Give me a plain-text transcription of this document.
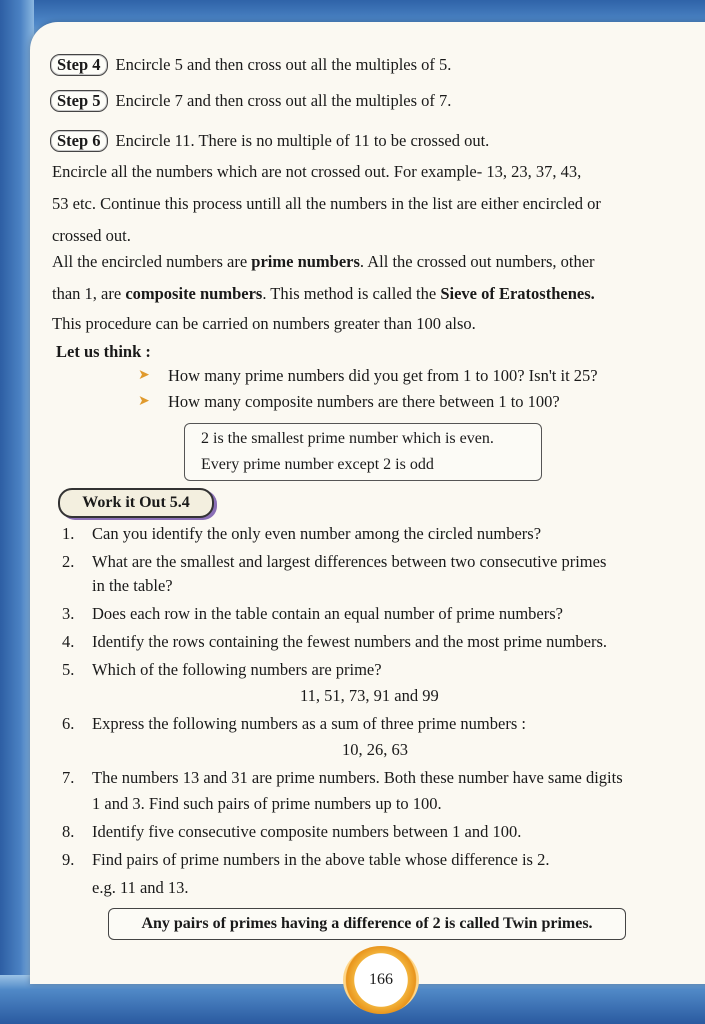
Step 4 Encircle 5 and then cross out all the multiples of 5.
Step 5 Encircle 7 and then cross out all the multiples of 7.
Step 6 Encircle 11. There is no multiple of 11 to be crossed out.
Encircle all the numbers which are not crossed out. For example- 13, 23, 37, 43,
53 etc. Continue this process untill all the numbers in the list are either encircled or
crossed out.
All the encircled numbers are prime numbers. All the crossed out numbers, other
than 1, are composite numbers. This method is called the Sieve of Eratosthenes.
This procedure can be carried on numbers greater than 100 also.
Let us think :
➤ How many prime numbers did you get from 1 to 100? Isn't it 25?
➤ How many composite numbers are there between 1 to 100?
2 is the smallest prime number which is even.
Every prime number except 2 is odd
Work it Out 5.4
1. Can you identify the only even number among the circled numbers?
2. What are the smallest and largest differences between two consecutive primes
in the table?
3. Does each row in the table contain an equal number of prime numbers?
4. Identify the rows containing the fewest numbers and the most prime numbers.
5. Which of the following numbers are prime?
11, 51, 73, 91 and 99
6. Express the following numbers as a sum of three prime numbers :
10, 26, 63
7. The numbers 13 and 31 are prime numbers. Both these number have same digits
1 and 3. Find such pairs of prime numbers up to 100.
8. Identify five consecutive composite numbers between 1 and 100.
9. Find pairs of prime numbers in the above table whose difference is 2.
e.g. 11 and 13.
Any pairs of primes having a difference of 2 is called Twin primes.
166
